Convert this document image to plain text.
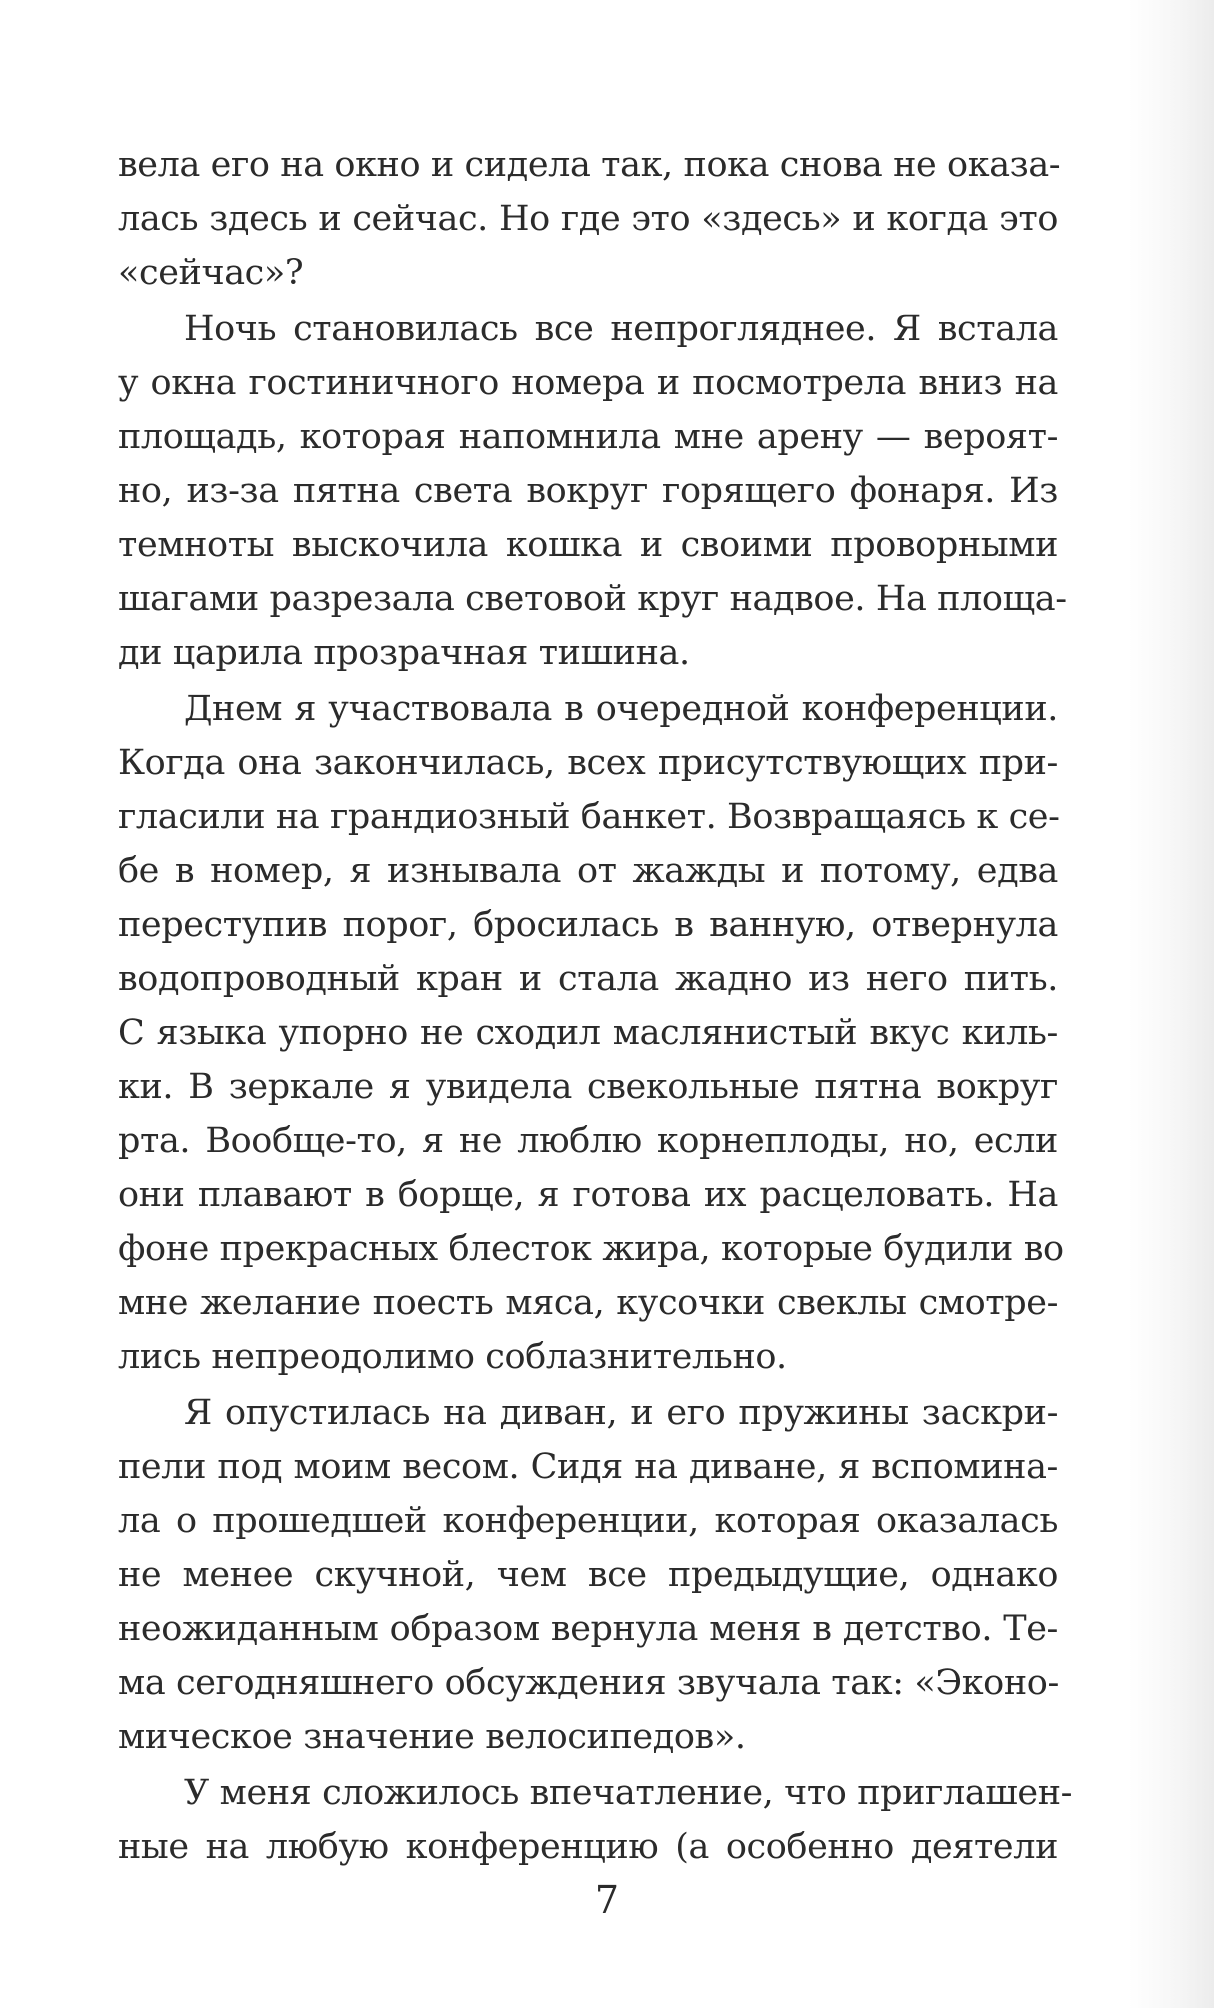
вела его на окно и сидела так, пока снова не оказа-
лась здесь и сейчас. Но где это «здесь» и когда это
«сейчас»?
Ночь становилась все непрогляднее. Я встала
у окна гостиничного номера и посмотрела вниз на
площадь, которая напомнила мне арену — вероят-
но, из-за пятна света вокруг горящего фонаря. Из
темноты выскочила кошка и своими проворными
шагами разрезала световой круг надвое. На площа-
ди царила прозрачная тишина.
Днем я участвовала в очередной конференции.
Когда она закончилась, всех присутствующих при-
гласили на грандиозный банкет. Возвращаясь к се-
бе в номер, я изнывала от жажды и потому, едва
переступив порог, бросилась в ванную, отвернула
водопроводный кран и стала жадно из него пить.
С языка упорно не сходил маслянистый вкус киль-
ки. В зеркале я увидела свекольные пятна вокруг
рта. Вообще-то, я не люблю корнеплоды, но, если
они плавают в борще, я готова их расцеловать. На
фоне прекрасных блесток жира, которые будили во
мне желание поесть мяса, кусочки свеклы смотре-
лись непреодолимо соблазнительно.
Я опустилась на диван, и его пружины заскри-
пели под моим весом. Сидя на диване, я вспомина-
ла о прошедшей конференции, которая оказалась
не менее скучной, чем все предыдущие, однако
неожиданным образом вернула меня в детство. Те-
ма сегодняшнего обсуждения звучала так: «Эконо-
мическое значение велосипедов».
У меня сложилось впечатление, что приглашен-
ные на любую конференцию (а особенно деятели
7
